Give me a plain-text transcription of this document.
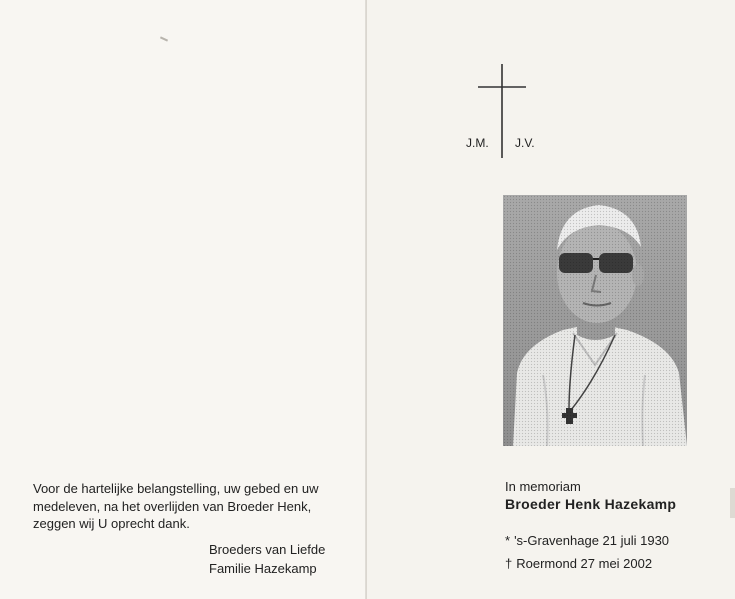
Voor de hartelijke belangstelling, uw gebed en uw
medeleven, na het overlijden van Broeder Henk,
zeggen wij U oprecht dank.
Broeders van Liefde
Familie Hazekamp
J.M. J.V.
In memoriam
Broeder Henk Hazekamp
* 's-Gravenhage 21 juli 1930
† Roermond 27 mei 2002
